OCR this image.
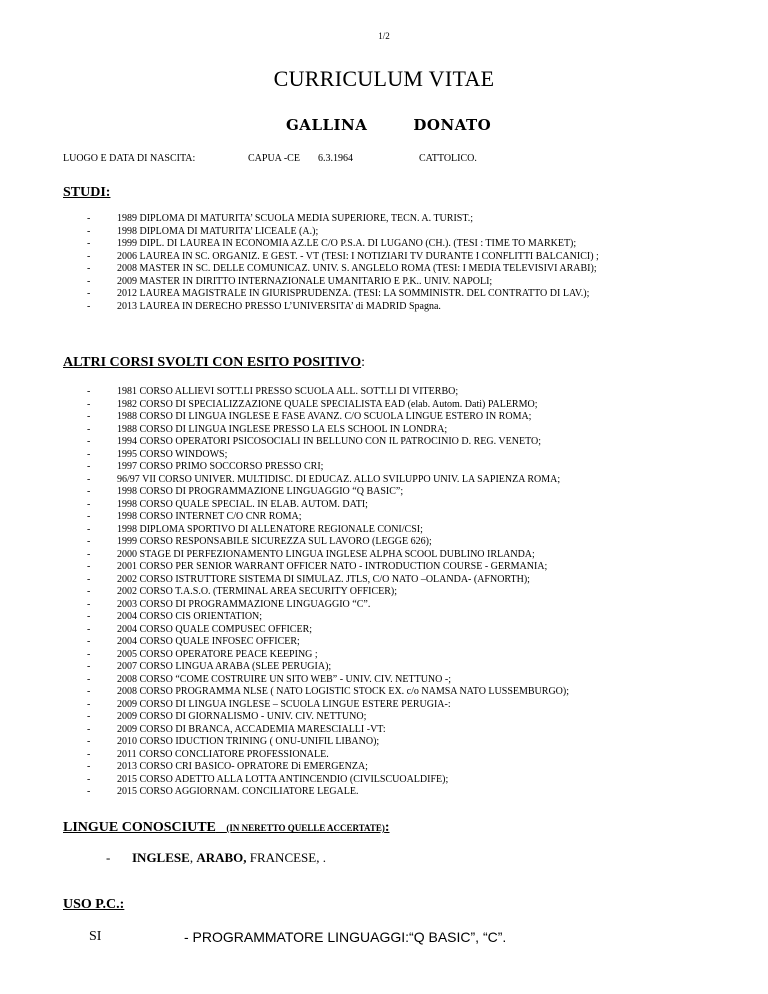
1/2
CURRICULUM VITAE
GALLINA	DONATO
LUOGO E DATA DI NASCITA:	CAPUA -CE 6.3.1964	CATTOLICO.
STUDI:
- 1989 DIPLOMA DI MATURITA’ SCUOLA MEDIA SUPERIORE, TECN. A. TURIST.;
- 1998 DIPLOMA DI MATURITA’ LICEALE (A.);
- 1999 DIPL. DI LAUREA IN ECONOMIA AZ.LE C/O P.S.A. DI LUGANO (CH.). (TESI : TIME TO MARKET);
- 2006 LAUREA IN SC. ORGANIZ. E GEST. - VT (TESI: I NOTIZIARI TV DURANTE I CONFLITTI BALCANICI) ;
- 2008 MASTER IN SC. DELLE COMUNICAZ. UNIV. S. ANGLELO ROMA (TESI: I MEDIA TELEVISIVI ARABI);
- 2009 MASTER IN DIRITTO INTERNAZIONALE UMANITARIO E P.K.. UNIV. NAPOLI;
- 2012 LAUREA MAGISTRALE IN GIURISPRUDENZA. (TESI: LA SOMMINISTR. DEL CONTRATTO DI LAV.);
- 2013 LAUREA IN DERECHO PRESSO L’UNIVERSITA’ di MADRID Spagna.
ALTRI CORSI SVOLTI CON ESITO POSITIVO:
- 1981 CORSO ALLIEVI SOTT.LI PRESSO SCUOLA ALL. SOTT.LI DI VITERBO;
- 1982 CORSO DI SPECIALIZZAZIONE QUALE SPECIALISTA EAD (elab. Autom. Dati) PALERMO;
- 1988 CORSO DI LINGUA INGLESE E FASE AVANZ. C/O SCUOLA LINGUE ESTERO IN ROMA;
- 1988 CORSO DI LINGUA INGLESE PRESSO LA ELS SCHOOL IN LONDRA;
- 1994 CORSO OPERATORI PSICOSOCIALI IN BELLUNO CON IL PATROCINIO D. REG. VENETO;
- 1995 CORSO WINDOWS;
- 1997 CORSO PRIMO SOCCORSO PRESSO CRI;
- 96/97 VII CORSO UNIVER. MULTIDISC. DI EDUCAZ. ALLO SVILUPPO UNIV. LA SAPIENZA ROMA;
- 1998 CORSO DI PROGRAMMAZIONE LINGUAGGIO “Q BASIC”;
- 1998 CORSO QUALE SPECIAL. IN ELAB. AUTOM. DATI;
- 1998 CORSO INTERNET C/O CNR ROMA;
- 1998 DIPLOMA SPORTIVO DI ALLENATORE REGIONALE CONI/CSI;
- 1999 CORSO RESPONSABILE SICUREZZA SUL LAVORO (LEGGE 626);
- 2000 STAGE DI PERFEZIONAMENTO LINGUA INGLESE ALPHA SCOOL DUBLINO IRLANDA;
- 2001 CORSO PER SENIOR WARRANT OFFICER NATO - INTRODUCTION COURSE - GERMANIA;
- 2002 CORSO ISTRUTTORE SISTEMA DI SIMULAZ. JTLS, C/O NATO –OLANDA- (AFNORTH);
- 2002 CORSO T.A.S.O. (TERMINAL AREA SECURITY OFFICER);
- 2003 CORSO DI PROGRAMMAZIONE LINGUAGGIO “C”.
- 2004 CORSO CIS ORIENTATION;
- 2004 CORSO QUALE COMPUSEC OFFICER;
- 2004 CORSO QUALE INFOSEC OFFICER;
- 2005 CORSO OPERATORE PEACE KEEPING ;
- 2007 CORSO LINGUA ARABA (SLEE PERUGIA);
- 2008 CORSO “COME COSTRUIRE UN SITO WEB” - UNIV. CIV. NETTUNO -;
- 2008 CORSO PROGRAMMA NLSE ( NATO LOGISTIC STOCK EX. c/o NAMSA NATO LUSSEMBURGO);
- 2009 CORSO DI LINGUA INGLESE – SCUOLA LINGUE ESTERE PERUGIA-:
- 2009 CORSO DI GIORNALISMO - UNIV. CIV. NETTUNO;
- 2009 CORSO DI BRANCA, ACCADEMIA MARESCIALLI -VT:
- 2010 CORSO IDUCTION TRINING ( ONU-UNIFIL LIBANO);
- 2011 CORSO CONCLIATORE PROFESSIONALE.
- 2013 CORSO CRI BASICO- OPRATORE Di EMERGENZA;
- 2015 CORSO ADETTO ALLA LOTTA ANTINCENDIO (CIVILSCUOALDIFE);
- 2015 CORSO AGGIORNAM. CONCILIATORE LEGALE.
LINGUE CONOSCIUTE (IN NERETTO QUELLE ACCERTATE):
- INGLESE, ARABO, FRANCESE, .
USO P.C.:
SI	- PROGRAMMATORE LINGUAGGI:“Q BASIC”, “C”.
